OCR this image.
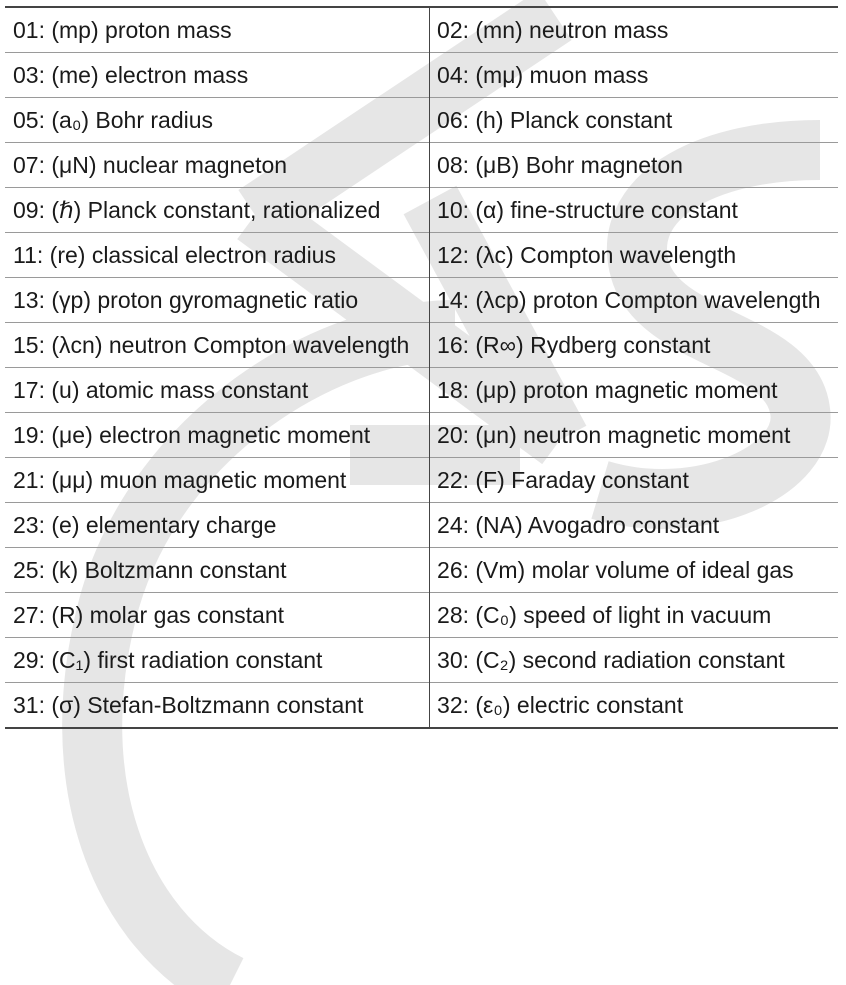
01: (mp) proton mass	02: (mn) neutron mass

03: (me) electron mass	04: (mμ) muon mass

05: (a₀) Bohr radius	06: (h) Planck constant

07: (μN) nuclear magneton	08: (μB) Bohr magneton

09: (ℏ) Planck constant, rationalized	10: (α) fine-structure constant

11: (re) classical electron radius	12: (λc) Compton wavelength

13: (γp) proton gyromagnetic ratio	14: (λcp) proton Compton wavelength

15: (λcn) neutron Compton wavelength	16: (R∞) Rydberg constant

17: (u) atomic mass constant	18: (μp) proton magnetic moment

19: (μe) electron magnetic moment	20: (μn) neutron magnetic moment

21: (μμ) muon magnetic moment	22: (F) Faraday constant

23: (e) elementary charge	24: (NA) Avogadro constant

25: (k) Boltzmann constant	26: (Vm) molar volume of ideal gas

27: (R) molar gas constant	28: (C₀) speed of light in vacuum

29: (C₁) first radiation constant	30: (C₂) second radiation constant

31: (σ) Stefan-Boltzmann constant	32: (ε₀) electric constant
